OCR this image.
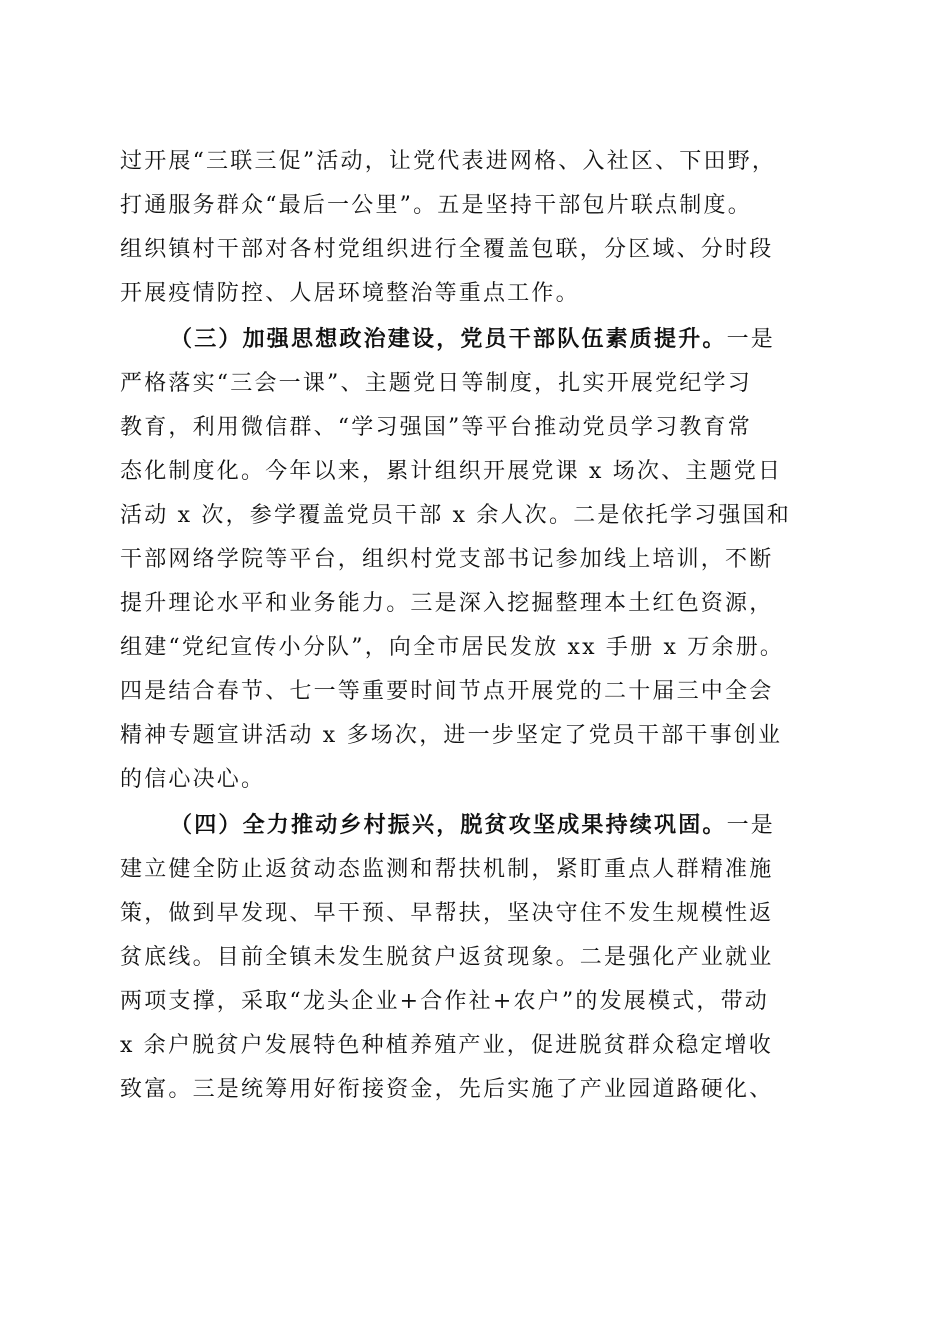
过开展“三联三促”活动，让党代表进网格、入社区、下田野，
打通服务群众“最后一公里”。五是坚持干部包片联点制度。
组织镇村干部对各村党组织进行全覆盖包联，分区域、分时段
开展疫情防控、人居环境整治等重点工作。
（三）加强思想政治建设，党员干部队伍素质提升。一是
严格落实“三会一课”、主题党日等制度，扎实开展党纪学习
教育，利用微信群、“学习强国”等平台推动党员学习教育常
态化制度化。今年以来，累计组织开展党课 x 场次、主题党日
活动 x 次，参学覆盖党员干部 x 余人次。二是依托学习强国和
干部网络学院等平台，组织村党支部书记参加线上培训，不断
提升理论水平和业务能力。三是深入挖掘整理本土红色资源，
组建“党纪宣传小分队”，向全市居民发放 xx 手册 x 万余册。
四是结合春节、七一等重要时间节点开展党的二十届三中全会
精神专题宣讲活动 x 多场次，进一步坚定了党员干部干事创业
的信心决心。
（四）全力推动乡村振兴，脱贫攻坚成果持续巩固。一是
建立健全防止返贫动态监测和帮扶机制，紧盯重点人群精准施
策，做到早发现、早干预、早帮扶，坚决守住不发生规模性返
贫底线。目前全镇未发生脱贫户返贫现象。二是强化产业就业
两项支撑，采取“龙头企业+合作社+农户”的发展模式，带动
x 余户脱贫户发展特色种植养殖产业，促进脱贫群众稳定增收
致富。三是统筹用好衔接资金，先后实施了产业园道路硬化、
